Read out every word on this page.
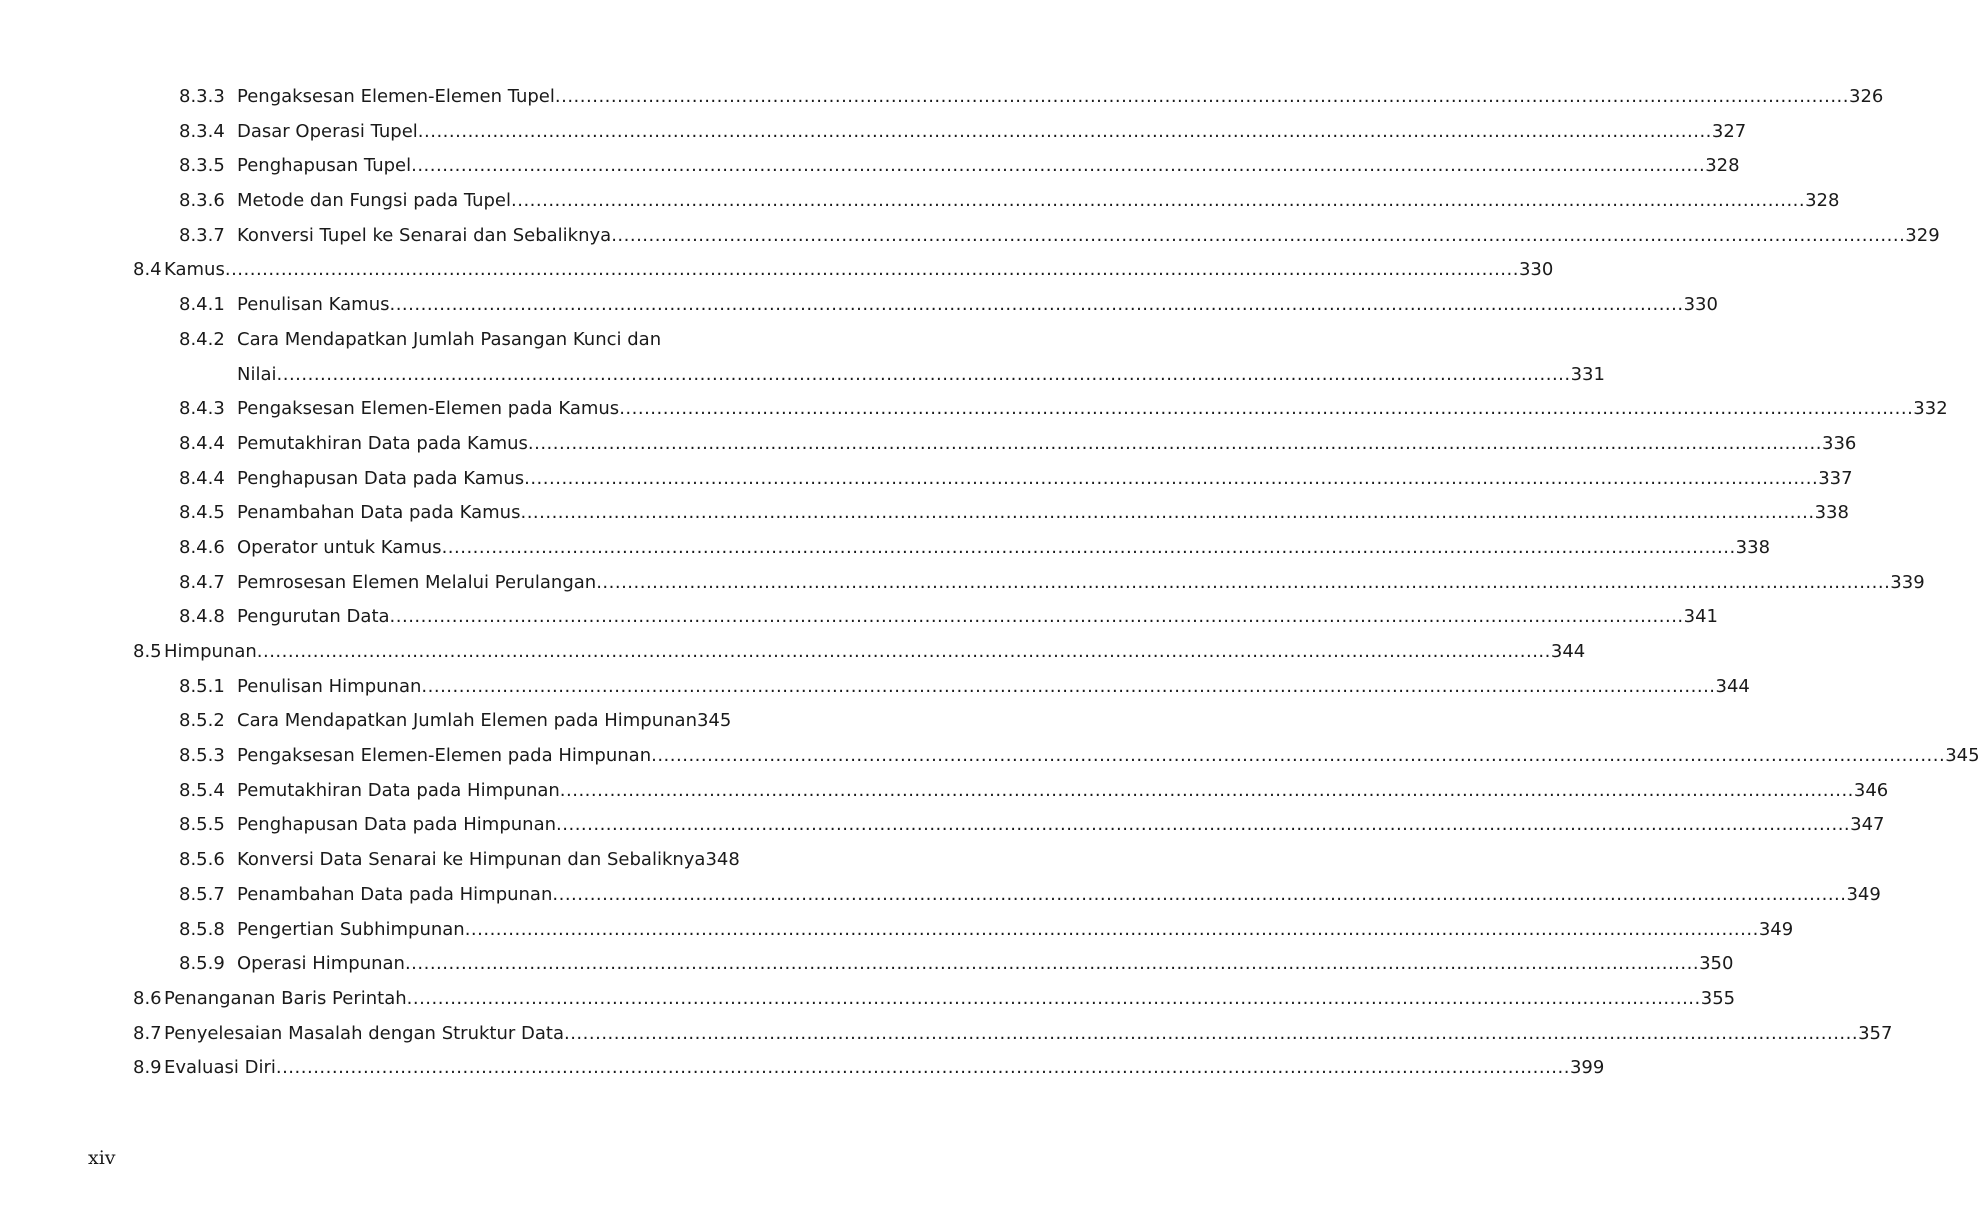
8.3.3 Pengaksesan Elemen-Elemen Tupel .....	326
8.3.4 Dasar Operasi Tupel .....	327
8.3.5 Penghapusan Tupel .....	328
8.3.6 Metode dan Fungsi pada Tupel .....	328
8.3.7 Konversi Tupel ke Senarai dan Sebaliknya .....	329
8.4 Kamus .....	330
8.4.1 Penulisan Kamus .....	330
8.4.2 Cara Mendapatkan Jumlah Pasangan Kunci dan
Nilai .....	331
8.4.3 Pengaksesan Elemen-Elemen pada Kamus .....	332
8.4.4 Pemutakhiran Data pada Kamus .....	336
8.4.4 Penghapusan Data pada Kamus .....	337
8.4.5 Penambahan Data pada Kamus .....	338
8.4.6 Operator untuk Kamus .....	338
8.4.7 Pemrosesan Elemen Melalui Perulangan .....	339
8.4.8 Pengurutan Data .....	341
8.5 Himpunan .....	344
8.5.1 Penulisan Himpunan .....	344
8.5.2 Cara Mendapatkan Jumlah Elemen pada Himpunan 345
8.5.3 Pengaksesan Elemen-Elemen pada Himpunan .....	345
8.5.4 Pemutakhiran Data pada Himpunan .....	346
8.5.5 Penghapusan Data pada Himpunan .....	347
8.5.6 Konversi Data Senarai ke Himpunan dan Sebaliknya 348
8.5.7 Penambahan Data pada Himpunan .....	349
8.5.8 Pengertian Subhimpunan .....	349
8.5.9 Operasi Himpunan .....	350
8.6 Penanganan Baris Perintah .....	355
8.7 Penyelesaian Masalah dengan Struktur Data .....	357
8.9 Evaluasi Diri .....	399
xiv
